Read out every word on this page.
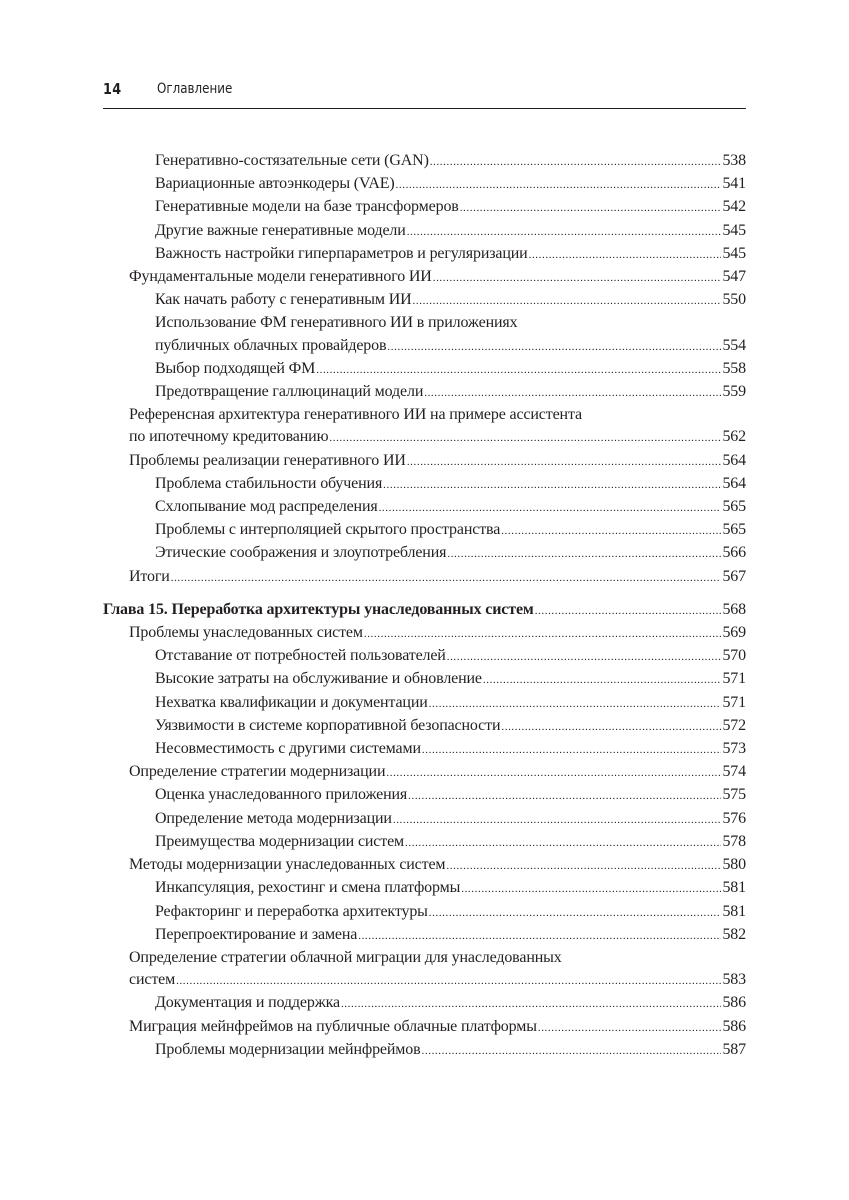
14	Оглавление
Генеративно-состязательные сети (GAN) .....	538
Вариационные автоэнкодеры (VAE) .....	541
Генеративные модели на базе трансформеров .....	542
Другие важные генеративные модели .....	545
Важность настройки гиперпараметров и регуляризации .....	545
Фундаментальные модели генеративного ИИ .....	547
Как начать работу с генеративным ИИ .....	550
Использование ФМ генеративного ИИ в приложениях
публичных облачных провайдеров .....	554
Выбор подходящей ФМ .....	558
Предотвращение галлюцинаций модели .....	559
Референсная архитектура генеративного ИИ на примере ассистента
по ипотечному кредитованию .....	562
Проблемы реализации генеративного ИИ .....	564
Проблема стабильности обучения .....	564
Схлопывание мод распределения .....	565
Проблемы с интерполяцией скрытого пространства .....	565
Этические соображения и злоупотребления .....	566
Итоги .....	567
Глава 15. Переработка архитектуры унаследованных систем .....	568
Проблемы унаследованных систем .....	569
Отставание от потребностей пользователей .....	570
Высокие затраты на обслуживание и обновление .....	571
Нехватка квалификации и документации .....	571
Уязвимости в системе корпоративной безопасности .....	572
Несовместимость с другими системами .....	573
Определение стратегии модернизации .....	574
Оценка унаследованного приложения .....	575
Определение метода модернизации .....	576
Преимущества модернизации систем .....	578
Методы модернизации унаследованных систем .....	580
Инкапсуляция, рехостинг и смена платформы .....	581
Рефакторинг и переработка архитектуры .....	581
Перепроектирование и замена .....	582
Определение стратегии облачной миграции для унаследованных
систем .....	583
Документация и поддержка .....	586
Миграция мейнфреймов на публичные облачные платформы .....	586
Проблемы модернизации мейнфреймов .....	587
